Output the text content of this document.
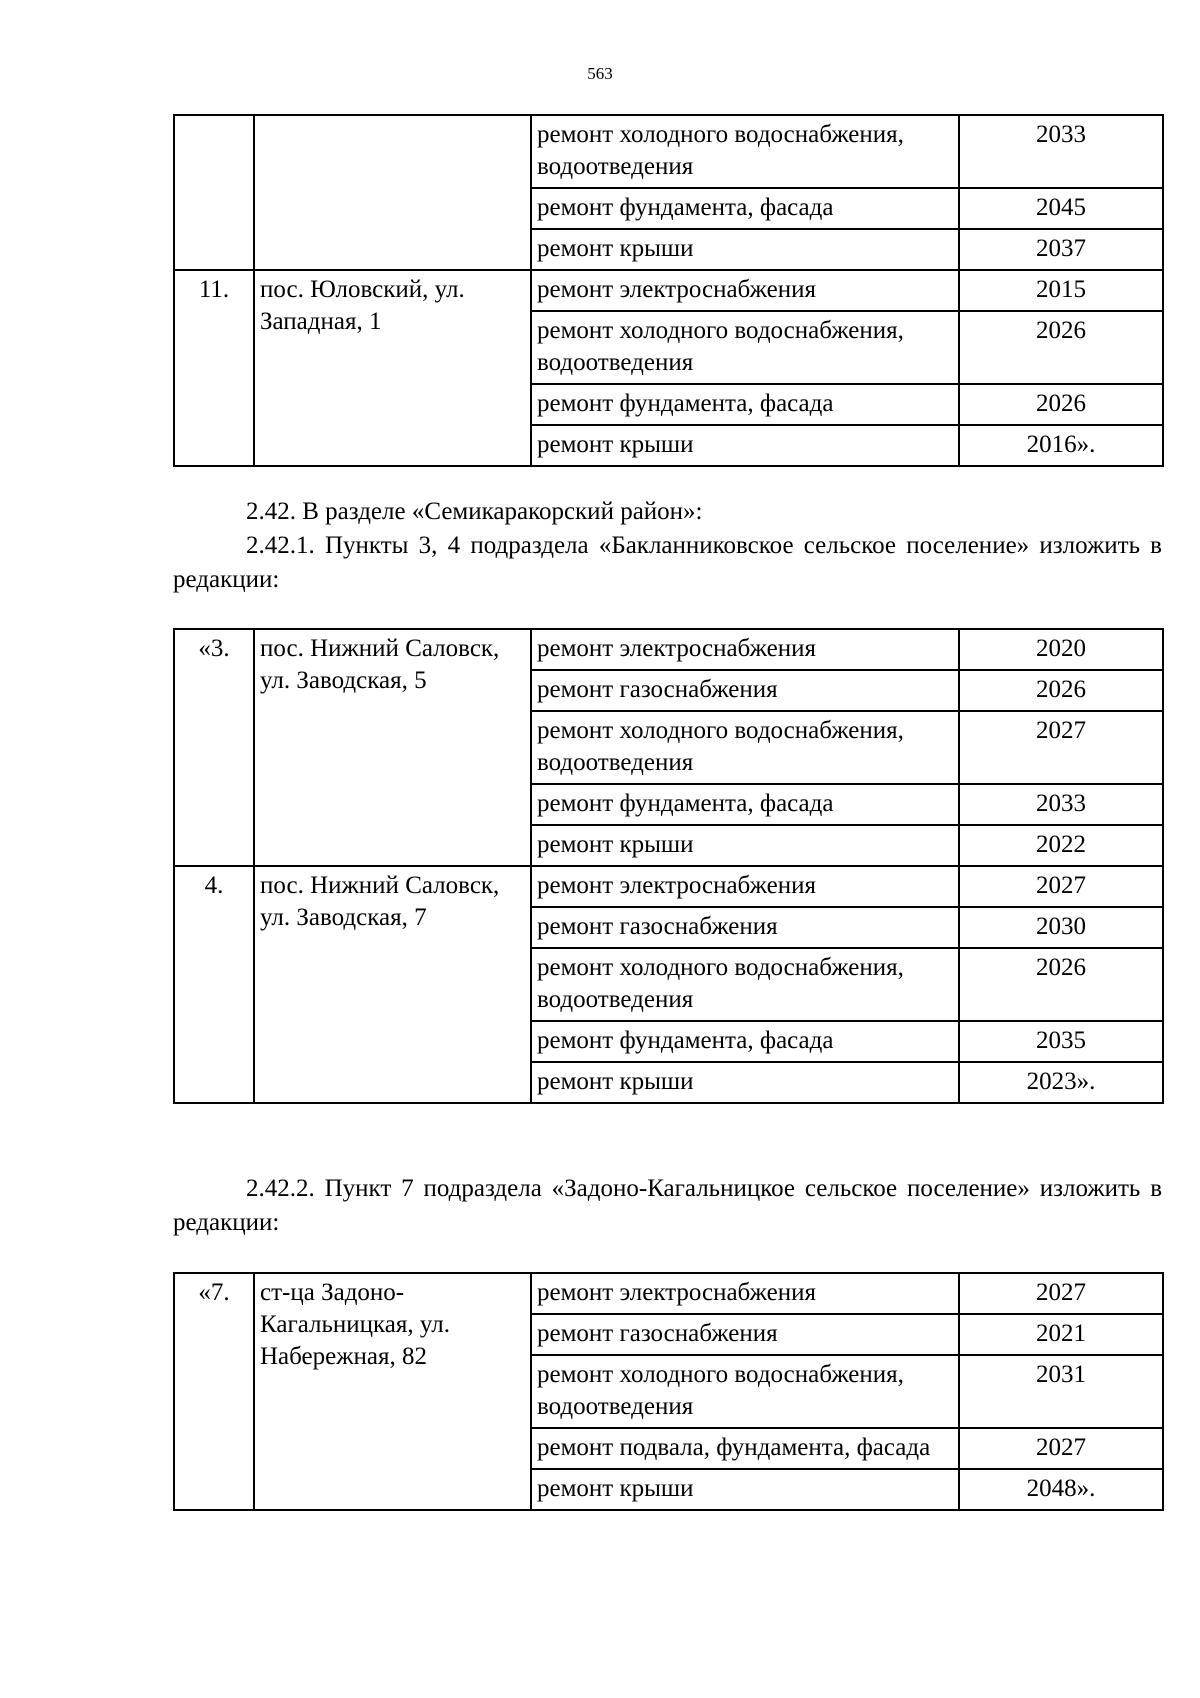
563
		ремонт холодного водоснабжения, водоотведения	2033
		ремонт фундамента, фасада	2045
		ремонт крыши	2037
11.	пос. Юловский, ул. Западная, 1	ремонт электроснабжения	2015
		ремонт холодного водоснабжения, водоотведения	2026
		ремонт фундамента, фасада	2026
		ремонт крыши	2016».

2.42. В разделе «Семикаракорский район»:

2.42.1. Пункты 3, 4 подраздела «Бакланниковское сельское поселение» изложить в редакции:

«3.	пос. Нижний Саловск, ул. Заводская, 5	ремонт электроснабжения	2020
		ремонт газоснабжения	2026
		ремонт холодного водоснабжения, водоотведения	2027
		ремонт фундамента, фасада	2033
		ремонт крыши	2022
4.	пос. Нижний Саловск, ул. Заводская, 7	ремонт электроснабжения	2027
		ремонт газоснабжения	2030
		ремонт холодного водоснабжения, водоотведения	2026
		ремонт фундамента, фасада	2035
		ремонт крыши	2023».

2.42.2. Пункт 7 подраздела «Задоно-Кагальницкое сельское поселение» изложить в редакции:

«7.	ст-ца Задоно-Кагальницкая, ул. Набережная, 82	ремонт электроснабжения	2027
		ремонт газоснабжения	2021
		ремонт холодного водоснабжения, водоотведения	2031
		ремонт подвала, фундамента, фасада	2027
		ремонт крыши	2048».
